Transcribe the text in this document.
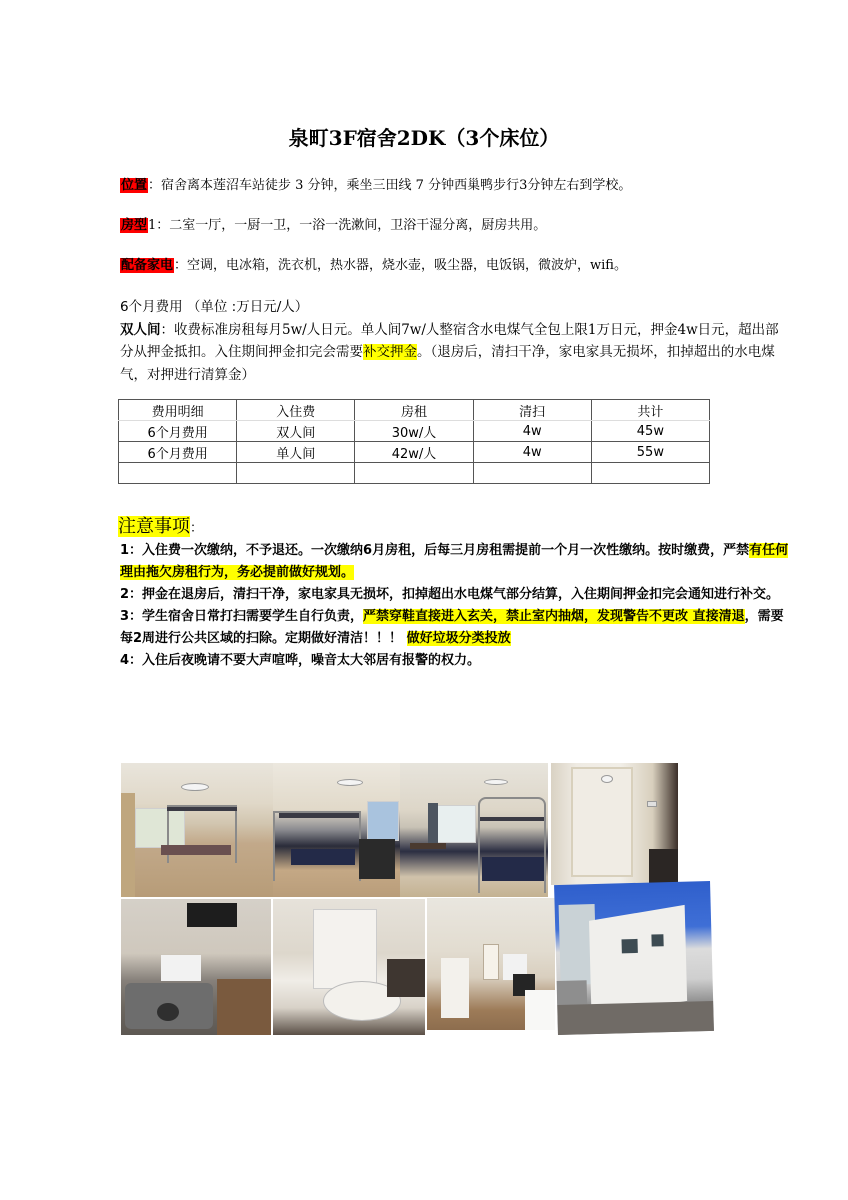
泉町3F宿舍2DK（3个床位）
位置：宿舍离本莲沼车站徒步 3 分钟，乘坐三田线 7 分钟西巢鸭步行3分钟左右到学校。
房型1：二室一厅，一厨一卫，一浴一洗漱间，卫浴干湿分离，厨房共用。
配备家电：空调，电冰箱，洗衣机，热水器，烧水壶，吸尘器，电饭锅，微波炉，wifi。
6个月费用 （单位 :万日元/人）
双人间：收费标准房租每月5w/人日元。单人间7w/人整宿含水电煤气全包上限1万日元，押金4w日元，超出部分从押金抵扣。入住期间押金扣完会需要补交押金。（退房后，清扫干净，家电家具无损坏，扣掉超出的水电煤气，对押进行清算金）
费用明细	入住费	房租	清扫	共计
6个月费用	双人间	30w/人	4w	45w
6个月费用	单人间	42w/人	4w	55w

注意事项：

1：入住费一次缴纳，不予退还。一次缴纳6月房租，后每三月房租需提前一个月一次性缴纳。按时缴费，严禁有任何理由拖欠房租行为，务必提前做好规划。

2：押金在退房后，清扫干净，家电家具无损坏，扣掉超出水电煤气部分结算，入住期间押金扣完会通知进行补交。

3：学生宿舍日常打扫需要学生自行负责，严禁穿鞋直接进入玄关，禁止室内抽烟，发现警告不更改 直接清退，需要每2周进行公共区域的扫除。定期做好清洁！！！ 做好垃圾分类投放

4：入住后夜晚请不要大声喧哗，噪音太大邻居有报警的权力。
